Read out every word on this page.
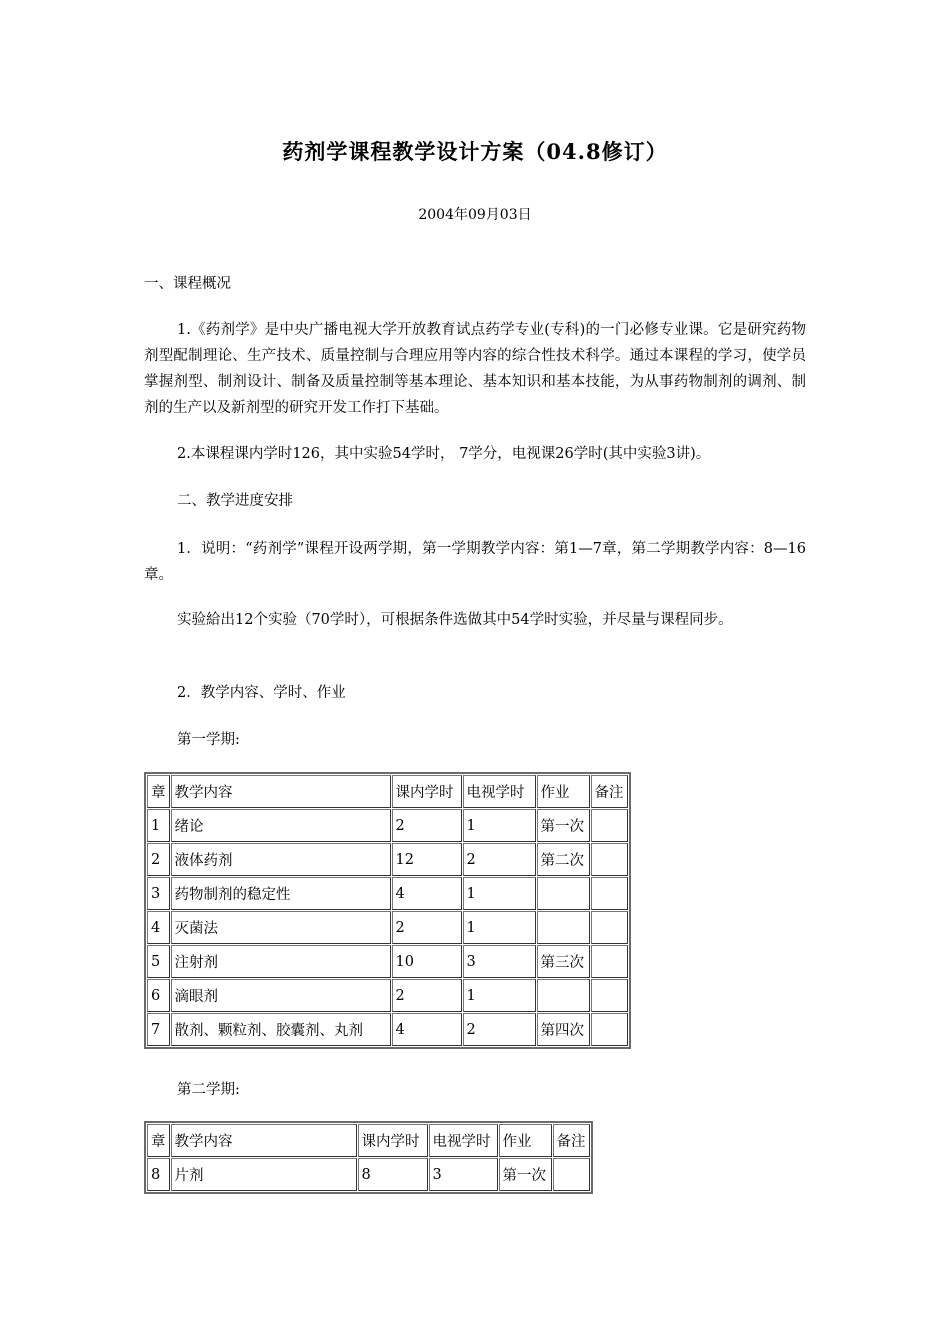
药剂学课程教学设计方案（04.8修订）
2004年09月03日
一、课程概况
1.《药剂学》是中央广播电视大学开放教育试点药学专业(专科)的一门必修专业课。它是研究药物剂型配制理论、生产技术、质量控制与合理应用等内容的综合性技术科学。通过本课程的学习，使学员掌握剂型、制剂设计、制备及质量控制等基本理论、基本知识和基本技能，为从事药物制剂的调剂、制剂的生产以及新剂型的研究开发工作打下基础。
2.本课程课内学时126，其中实验54学时， 7学分，电视课26学时(其中实验3讲)。
二、教学进度安排
1．说明：“药剂学”课程开设两学期，第一学期教学内容：第1—7章，第二学期教学内容：8—16章。
实验給出12个实验（70学时），可根据条件选做其中54学时实验，并尽量与课程同步。
2．教学内容、学时、作业
第一学期:
章	教学内容	课内学时	电视学时	作业	备注
1	绪论	2	1	第一次	
2	液体药剂	12	2	第二次	
3	药物制剂的稳定性	4	1		
4	灭菌法	2	1		
5	注射剂	10	3	第三次	
6	滴眼剂	2	1		
7	散剂、颗粒剂、胶囊剂、丸剂	4	2	第四次	
第二学期:
章	教学内容	课内学时	电视学时	作业	备注
8	片剂	8	3	第一次	
